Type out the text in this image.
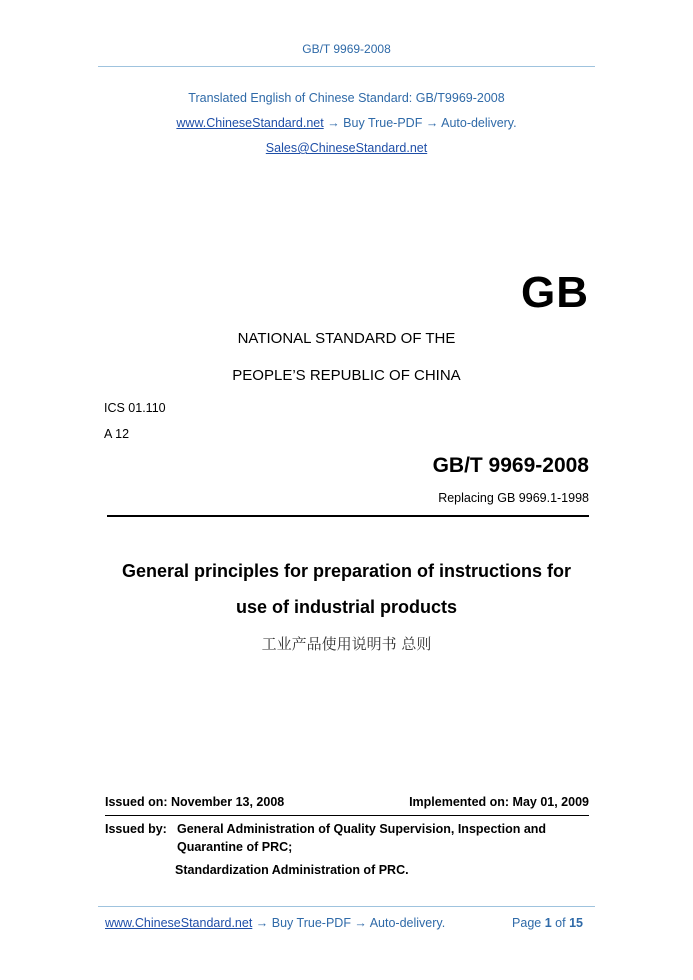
GB/T 9969-2008
Translated English of Chinese Standard: GB/T9969-2008
www.ChineseStandard.net → Buy True-PDF → Auto-delivery.
Sales@ChineseStandard.net
GB
NATIONAL STANDARD OF THE
PEOPLE’S REPUBLIC OF CHINA
ICS 01.110
A 12
GB/T 9969-2008
Replacing GB 9969.1-1998
General principles for preparation of instructions for
use of industrial products
工业产品使用说明书 总则
Issued on: November 13, 2008	Implemented on: May 01, 2009
Issued by: General Administration of Quality Supervision, Inspection and
Quarantine of PRC;
Standardization Administration of PRC.
www.ChineseStandard.net → Buy True-PDF → Auto-delivery.	Page 1 of 15
